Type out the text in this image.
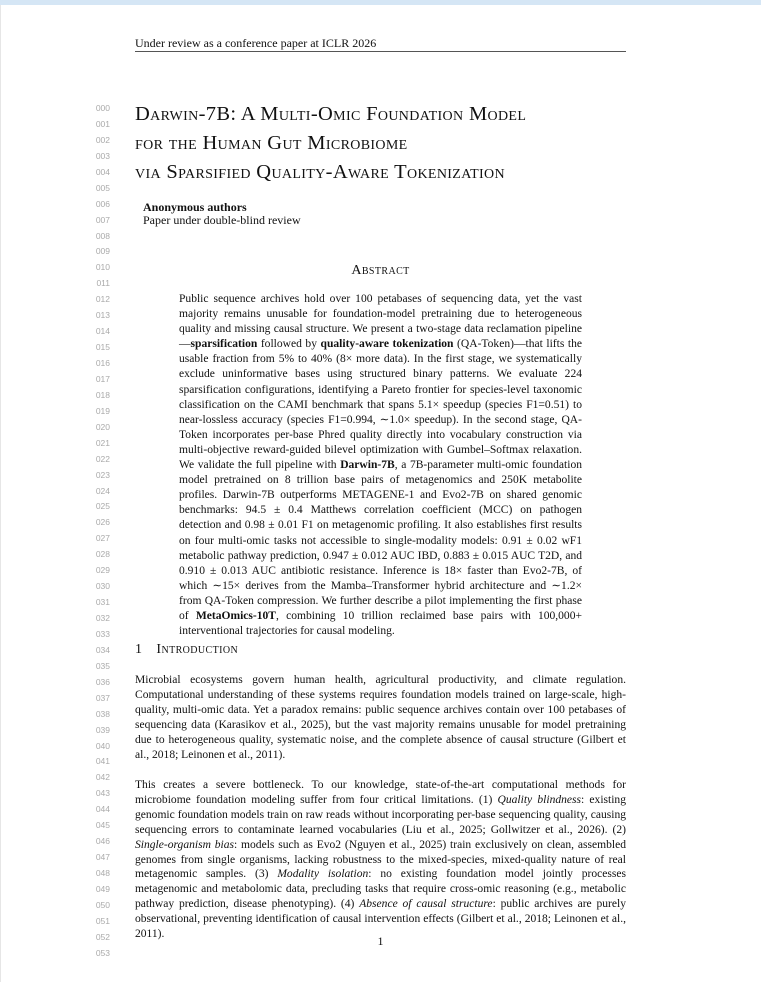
Under review as a conference paper at ICLR 2026
000
001
002
003
004
005
006
007
008
009
010
011
012
013
014
015
016
017
018
019
020
021
022
023
024
025
026
027
028
029
030
031
032
033
034
035
036
037
038
039
040
041
042
043
044
045
046
047
048
049
050
051
052
053
Darwin-7B: A Multi-Omic Foundation Model
for the Human Gut Microbiome
via Sparsified Quality-Aware Tokenization
Anonymous authors
Paper under double-blind review
Abstract
Public sequence archives hold over 100 petabases of sequencing data, yet the vast majority remains unusable for foundation-model pretraining due to heterogeneous quality and missing causal structure. We present a two-stage data reclamation pipeline—sparsification followed by quality-aware tokenization (QA-Token)—that lifts the usable fraction from 5% to 40% (8× more data). In the first stage, we systematically exclude uninformative bases using structured binary patterns. We evaluate 224 sparsification configurations, identifying a Pareto frontier for species-level taxonomic classification on the CAMI benchmark that spans 5.1× speedup (species F1=0.51) to near-lossless accuracy (species F1=0.994, ∼1.0× speedup). In the second stage, QA-Token incorporates per-base Phred quality directly into vocabulary construction via multi-objective reward-guided bilevel optimization with Gumbel–Softmax relaxation. We validate the full pipeline with Darwin-7B, a 7B-parameter multi-omic foundation model pretrained on 8 trillion base pairs of metagenomics and 250K metabolite profiles. Darwin-7B outperforms METAGENE-1 and Evo2-7B on shared genomic benchmarks: 94.5 ± 0.4 Matthews correlation coefficient (MCC) on pathogen detection and 0.98 ± 0.01 F1 on metagenomic profiling. It also establishes first results on four multi-omic tasks not accessible to single-modality models: 0.91 ± 0.02 wF1 metabolic pathway prediction, 0.947 ± 0.012 AUC IBD, 0.883 ± 0.015 AUC T2D, and 0.910 ± 0.013 AUC antibiotic resistance. Inference is 18× faster than Evo2-7B, of which ∼15× derives from the Mamba–Transformer hybrid architecture and ∼1.2× from QA-Token compression. We further describe a pilot implementing the first phase of MetaOmics-10T, combining 10 trillion reclaimed base pairs with 100,000+ interventional trajectories for causal modeling.
1 Introduction
Microbial ecosystems govern human health, agricultural productivity, and climate regulation. Computational understanding of these systems requires foundation models trained on large-scale, high-quality, multi-omic data. Yet a paradox remains: public sequence archives contain over 100 petabases of sequencing data (Karasikov et al., 2025), but the vast majority remains unusable for model pretraining due to heterogeneous quality, systematic noise, and the complete absence of causal structure (Gilbert et al., 2018; Leinonen et al., 2011).
This creates a severe bottleneck. To our knowledge, state-of-the-art computational methods for microbiome foundation modeling suffer from four critical limitations. (1) Quality blindness: existing genomic foundation models train on raw reads without incorporating per-base sequencing quality, causing sequencing errors to contaminate learned vocabularies (Liu et al., 2025; Gollwitzer et al., 2026). (2) Single-organism bias: models such as Evo2 (Nguyen et al., 2025) train exclusively on clean, assembled genomes from single organisms, lacking robustness to the mixed-species, mixed-quality nature of real metagenomic samples. (3) Modality isolation: no existing foundation model jointly processes metagenomic and metabolomic data, precluding tasks that require cross-omic reasoning (e.g., metabolic pathway prediction, disease phenotyping). (4) Absence of causal structure: public archives are purely observational, preventing identification of causal intervention effects (Gilbert et al., 2018; Leinonen et al., 2011).	1
